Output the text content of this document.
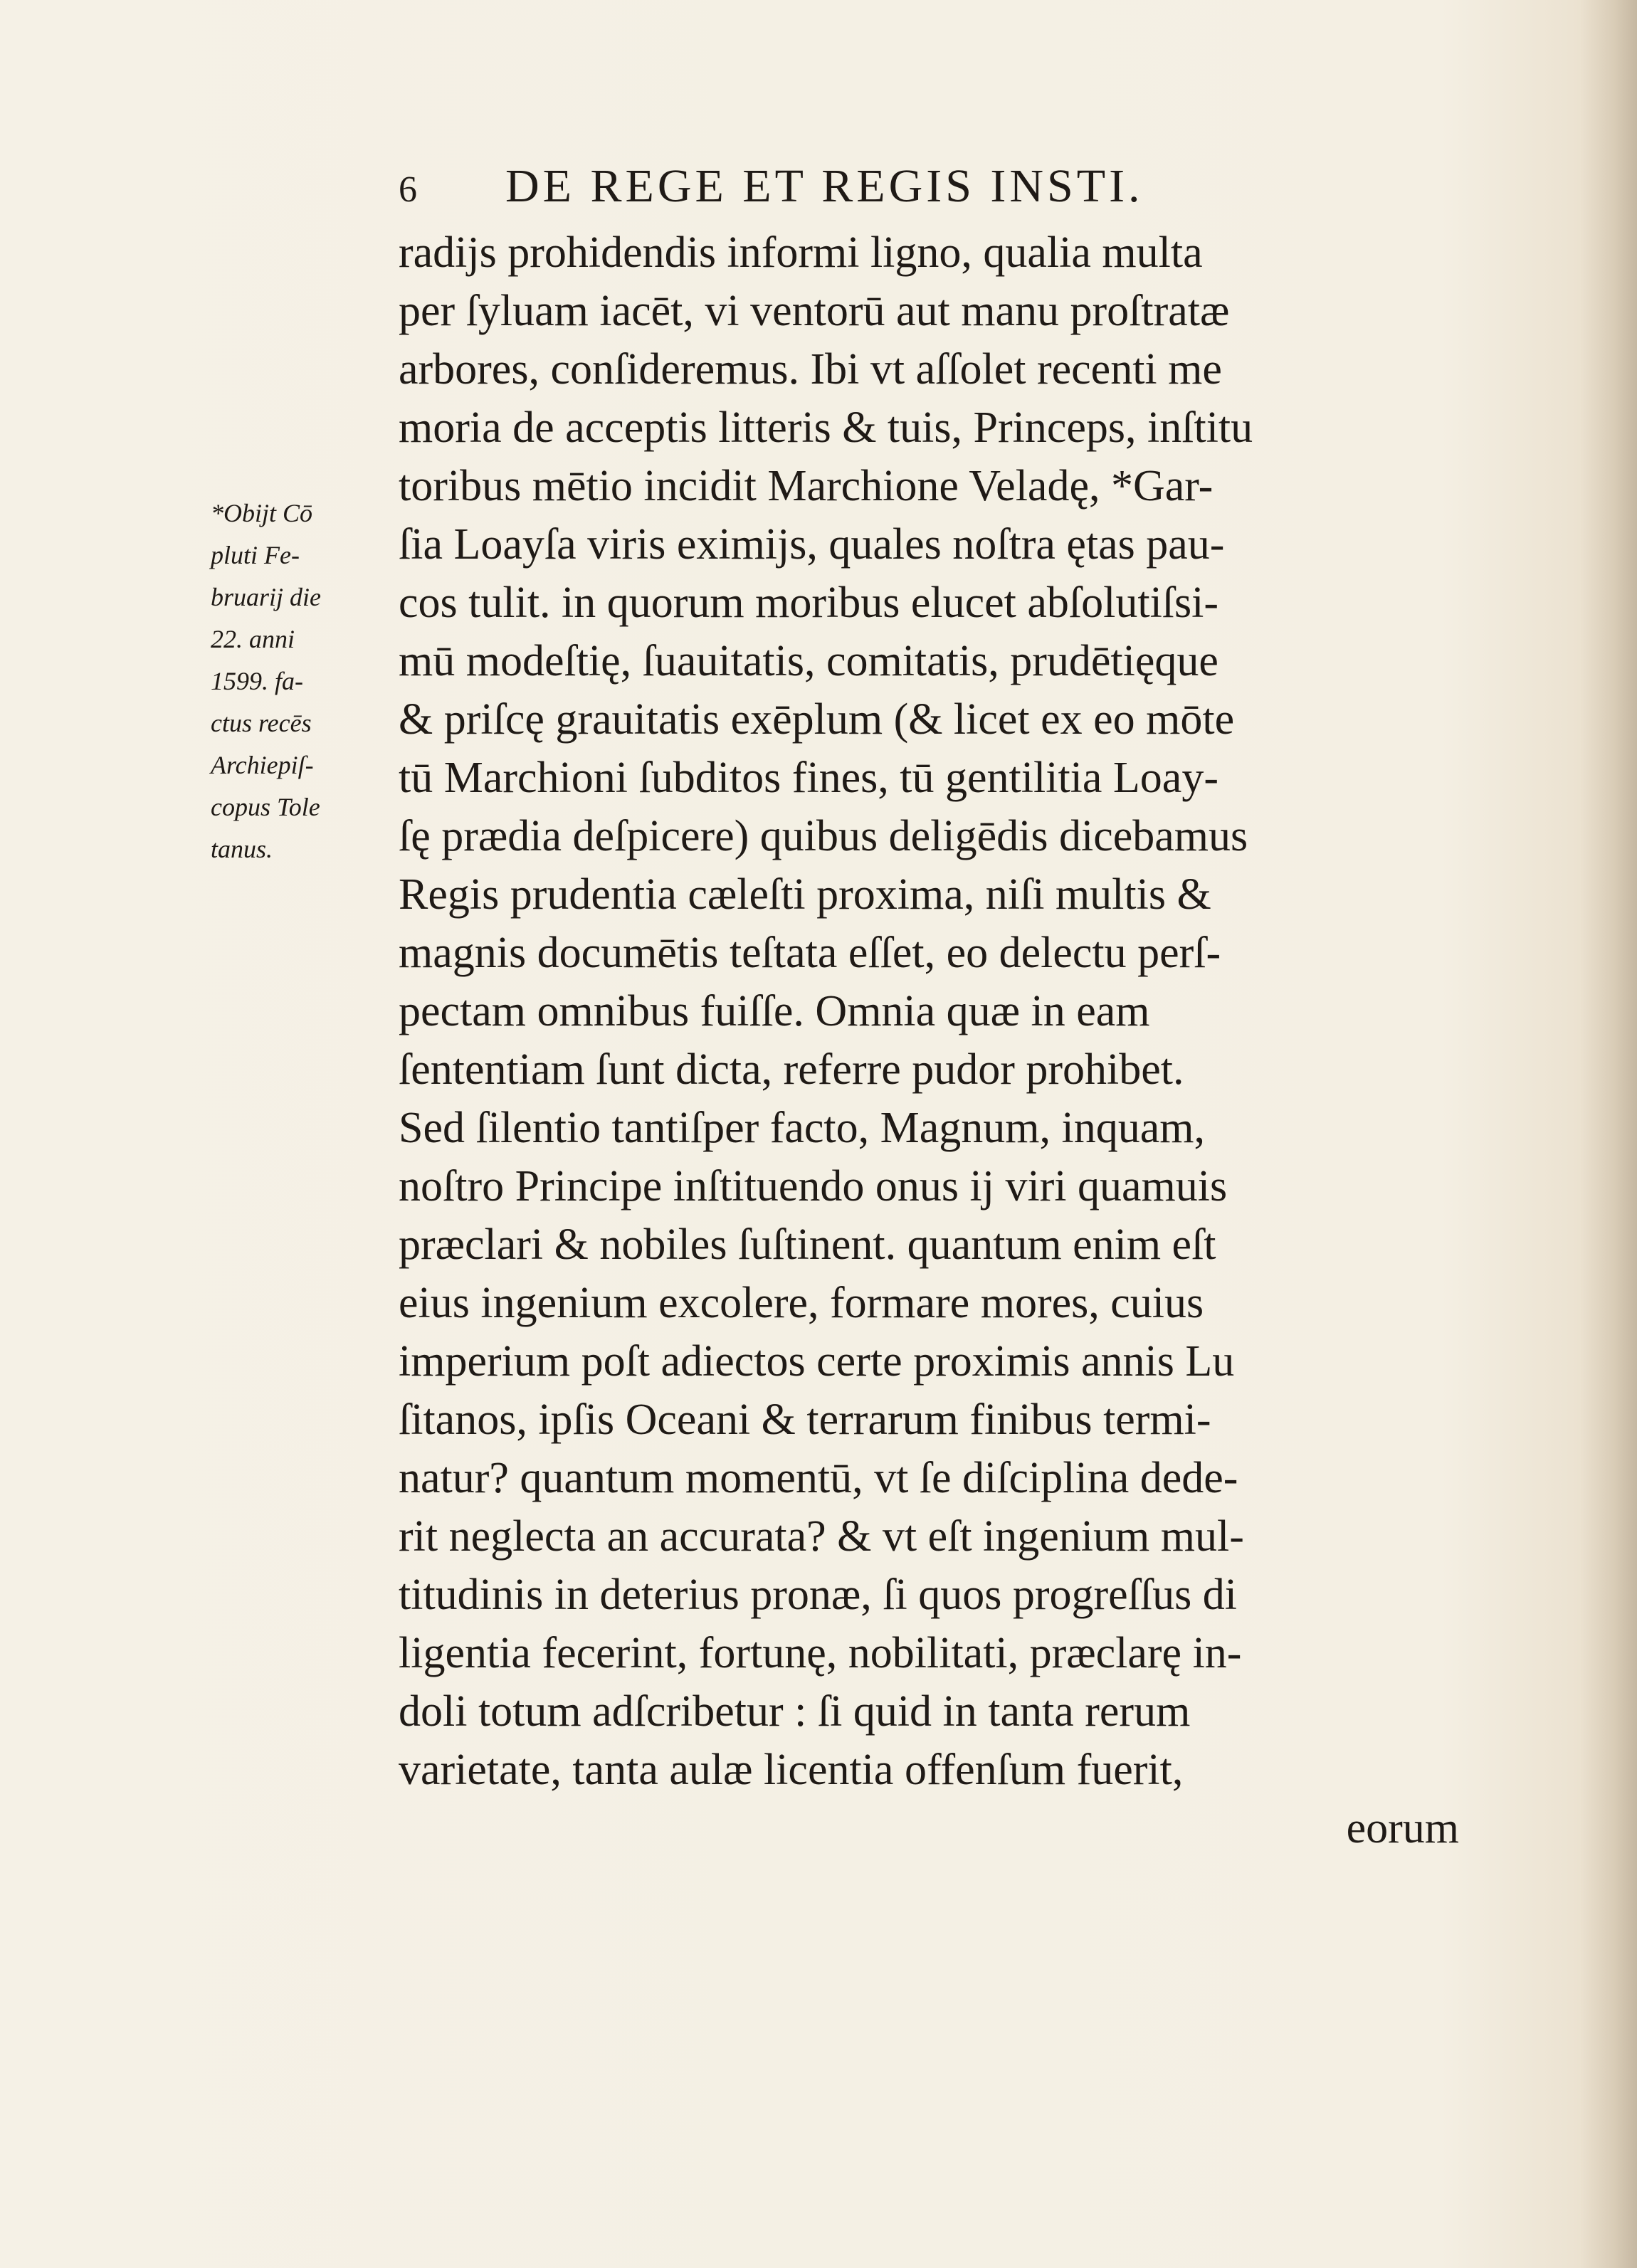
6 DE REGE ET REGIS INSTI.
*Obijt Cō
pluti Fe-
bruarij die
22. anni
1599. fa-
ctus recēs
Archiepiſ-
copus Tole
tanus.
radijs prohidendis informi ligno, qualia multa
per ſyluam iacēt, vi ventorū aut manu proſtratæ
arbores, conſideremus. Ibi vt aſſolet recenti me
moria de acceptis litteris & tuis, Princeps, inſtitu
toribus mētio incidit Marchione Veladę, *Gar-
ſia Loayſa viris eximijs, quales noſtra ętas pau-
cos tulit. in quorum moribus elucet abſolutiſsi-
mū modeſtię, ſuauitatis, comitatis, prudētięque
& priſcę grauitatis exēplum (& licet ex eo mōte
tū Marchioni ſubditos fines, tū gentilitia Loay-
ſę prædia deſpicere) quibus deligēdis dicebamus
Regis prudentia cæleſti proxima, niſi multis &
magnis documētis teſtata eſſet, eo delectu perſ-
pectam omnibus fuiſſe. Omnia quæ in eam
ſententiam ſunt dicta, referre pudor prohibet.
Sed ſilentio tantiſper facto, Magnum, inquam,
noſtro Principe inſtituendo onus ij viri quamuis
præclari & nobiles ſuſtinent. quantum enim eſt
eius ingenium excolere, formare mores, cuius
imperium poſt adiectos certe proximis annis Lu
ſitanos, ipſis Oceani & terrarum finibus termi-
natur? quantum momentū, vt ſe diſciplina dede-
rit neglecta an accurata? & vt eſt ingenium mul-
titudinis in deterius pronæ, ſi quos progreſſus di
ligentia fecerint, fortunę, nobilitati, præclarę in-
doli totum adſcribetur : ſi quid in tanta rerum
varietate, tanta aulæ licentia offenſum fuerit,
eorum
